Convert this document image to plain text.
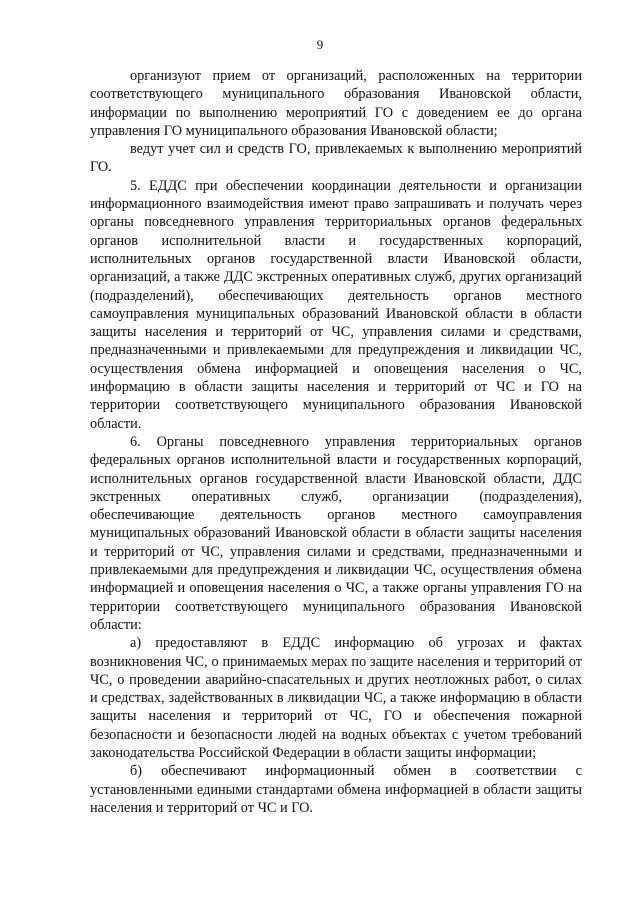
9

организуют прием от организаций, расположенных на территории соответствующего муниципального образования Ивановской области, информации по выполнению мероприятий ГО с доведением ее до органа управления ГО муниципального образования Ивановской области;

ведут учет сил и средств ГО, привлекаемых к выполнению мероприятий ГО.

5. ЕДДС при обеспечении координации деятельности и организации информационного взаимодействия имеют право запрашивать и получать через органы повседневного управления территориальных органов федеральных органов исполнительной власти и государственных корпораций, исполнительных органов государственной власти Ивановской области, организаций, а также ДДС экстренных оперативных служб, других организаций (подразделений), обеспечивающих деятельность органов местного самоуправления муниципальных образований Ивановской области в области защиты населения и территорий от ЧС, управления силами и средствами, предназначенными и привлекаемыми для предупреждения и ликвидации ЧС, осуществления обмена информацией и оповещения населения о ЧС, информацию в области защиты населения и территорий от ЧС и ГО на территории соответствующего муниципального образования Ивановской области.

6. Органы повседневного управления территориальных органов федеральных органов исполнительной власти и государственных корпораций, исполнительных органов государственной власти Ивановской области, ДДС экстренных оперативных служб, организации (подразделения), обеспечивающие деятельность органов местного самоуправления муниципальных образований Ивановской области в области защиты населения и территорий от ЧС, управления силами и средствами, предназначенными и привлекаемыми для предупреждения и ликвидации ЧС, осуществления обмена информацией и оповещения населения о ЧС, а также органы управления ГО на территории соответствующего муниципального образования Ивановской области:

а) предоставляют в ЕДДС информацию об угрозах и фактах возникновения ЧС, о принимаемых мерах по защите населения и территорий от ЧС, о проведении аварийно-спасательных и других неотложных работ, о силах и средствах, задействованных в ликвидации ЧС, а также информацию в области защиты населения и территорий от ЧС, ГО и обеспечения пожарной безопасности и безопасности людей на водных объектах с учетом требований законодательства Российской Федерации в области защиты информации;

б) обеспечивают информационный обмен в соответствии с установленными едиными стандартами обмена информацией в области защиты населения и территорий от ЧС и ГО.
